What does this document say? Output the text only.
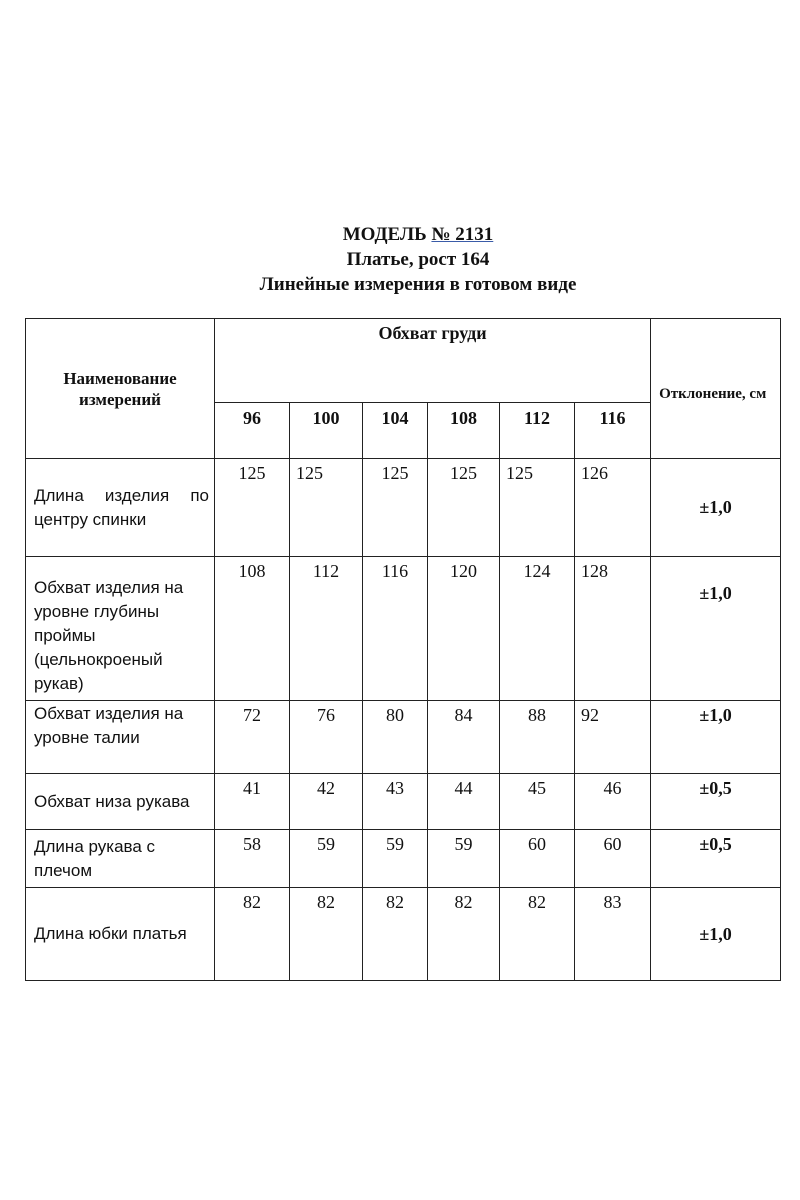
МОДЕЛЬ № 2131
Платье, рост 164
Линейные измерения в готовом виде
Наименование измерений	Обхват груди						Отклонение, см
	96	100	104	108	112	116	
Длина изделия по центру спинки	125	125	125	125	125	126	±1,0
Обхват изделия на уровне глубины проймы (цельнокроеный рукав)	108	112	116	120	124	128	±1,0
Обхват изделия на уровне талии	72	76	80	84	88	92	±1,0
Обхват низа рукава	41	42	43	44	45	46	±0,5
Длина рукава с плечом	58	59	59	59	60	60	±0,5
Длина юбки платья	82	82	82	82	82	83	±1,0
